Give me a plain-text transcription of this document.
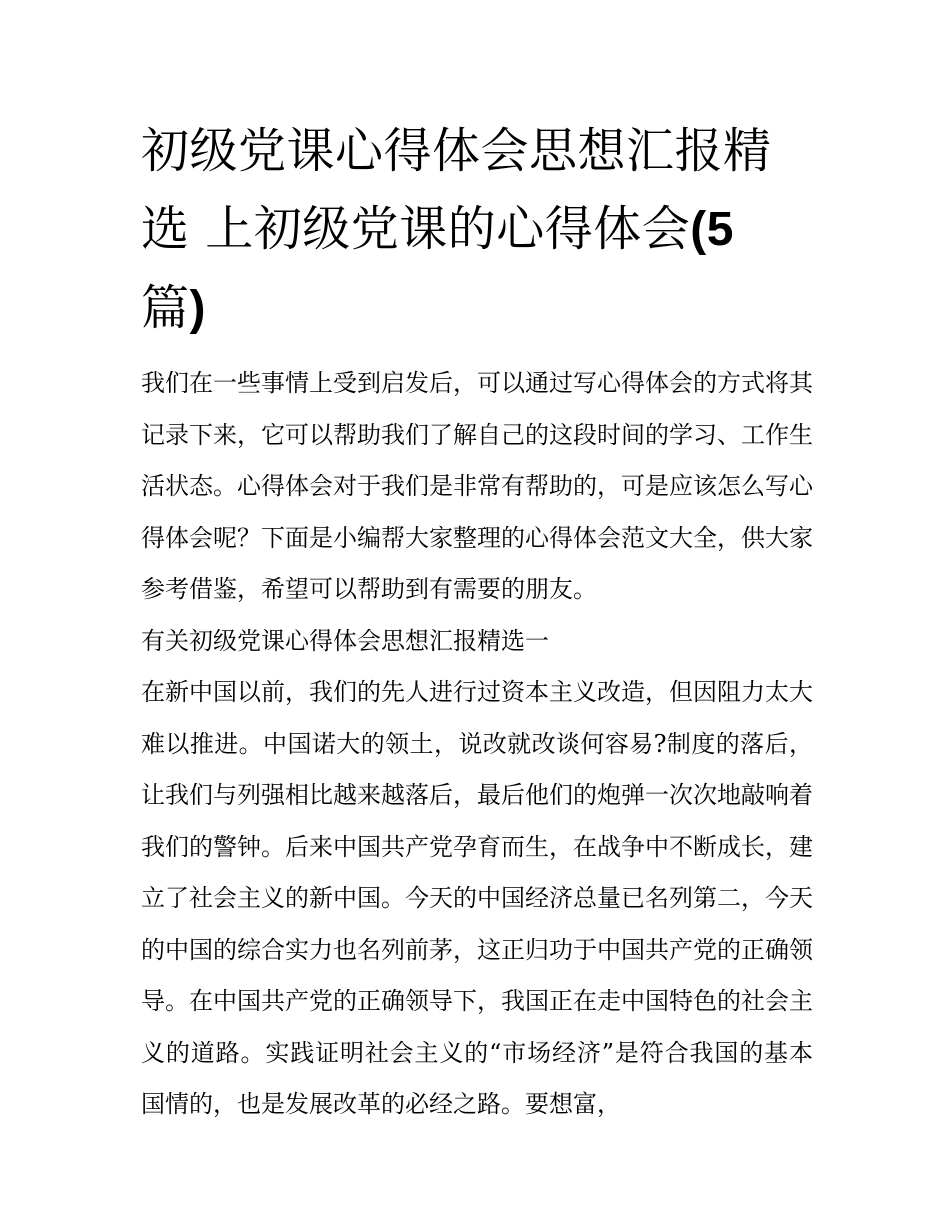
初级党课心得体会思想汇报精选 上初级党课的心得体会(5
篇)

我们在一些事情上受到启发后，可以通过写心得体会的方式将其记录下来，它可以帮助我们了解自己的这段时间的学习、工作生活状态。心得体会对于我们是非常有帮助的，可是应该怎么写心得体会呢？下面是小编帮大家整理的心得体会范文大全，供大家参考借鉴，希望可以帮助到有需要的朋友。

有关初级党课心得体会思想汇报精选一

在新中国以前，我们的先人进行过资本主义改造，但因阻力太大难以推进。中国诺大的领土，说改就改谈何容易?制度的落后，让我们与列强相比越来越落后，最后他们的炮弹一次次地敲响着我们的警钟。后来中国共产党孕育而生，在战争中不断成长，建立了社会主义的新中国。今天的中国经济总量已名列第二，今天的中国的综合实力也名列前茅，这正归功于中国共产党的正确领导。在中国共产党的正确领导下，我国正在走中国特色的社会主义的道路。实践证明社会主义的“市场经济”是符合我国的基本国情的，也是发展改革的必经之路。要想富，
